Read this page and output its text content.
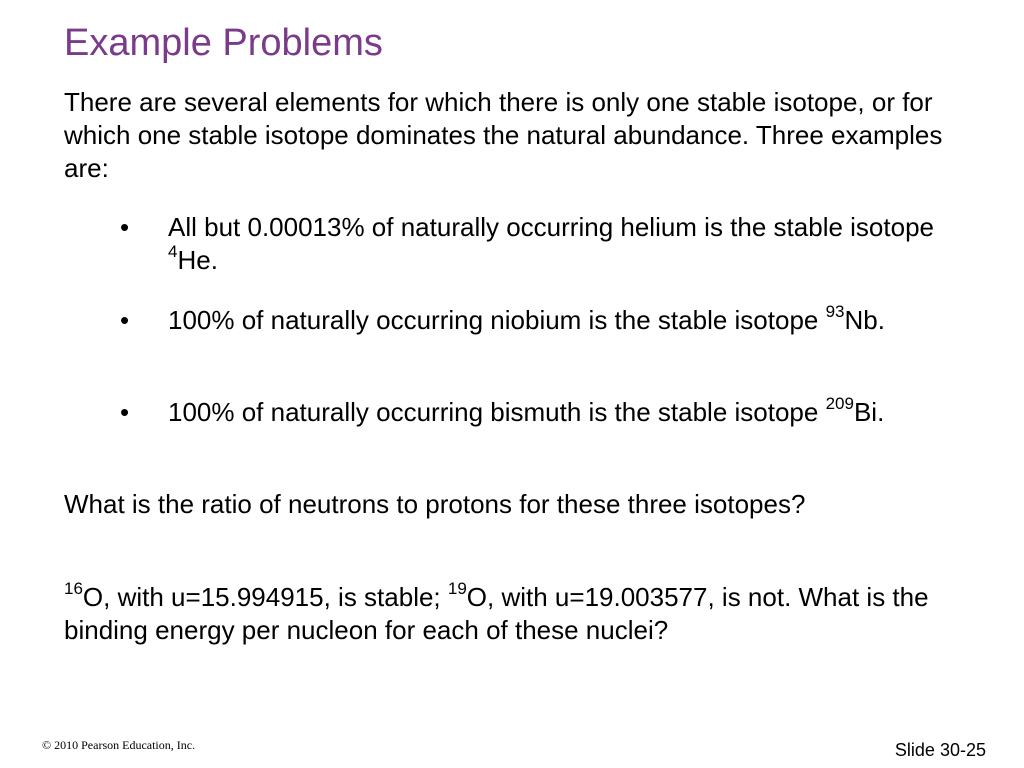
Example Problems

There are several elements for which there is only one stable isotope, or for which one stable isotope dominates the natural abundance. Three examples are:

• All but 0.00013% of naturally occurring helium is the stable isotope $^4$He.

• 100% of naturally occurring niobium is the stable isotope $^{93}$Nb.

• 100% of naturally occurring bismuth is the stable isotope $^{209}$Bi.

What is the ratio of neutrons to protons for these three isotopes?

$^{16}$O, with u=15.994915, is stable; $^{19}$O, with u=19.003577, is not. What is the binding energy per nucleon for each of these nuclei?

© 2010 Pearson Education, Inc.	Slide 30-25
